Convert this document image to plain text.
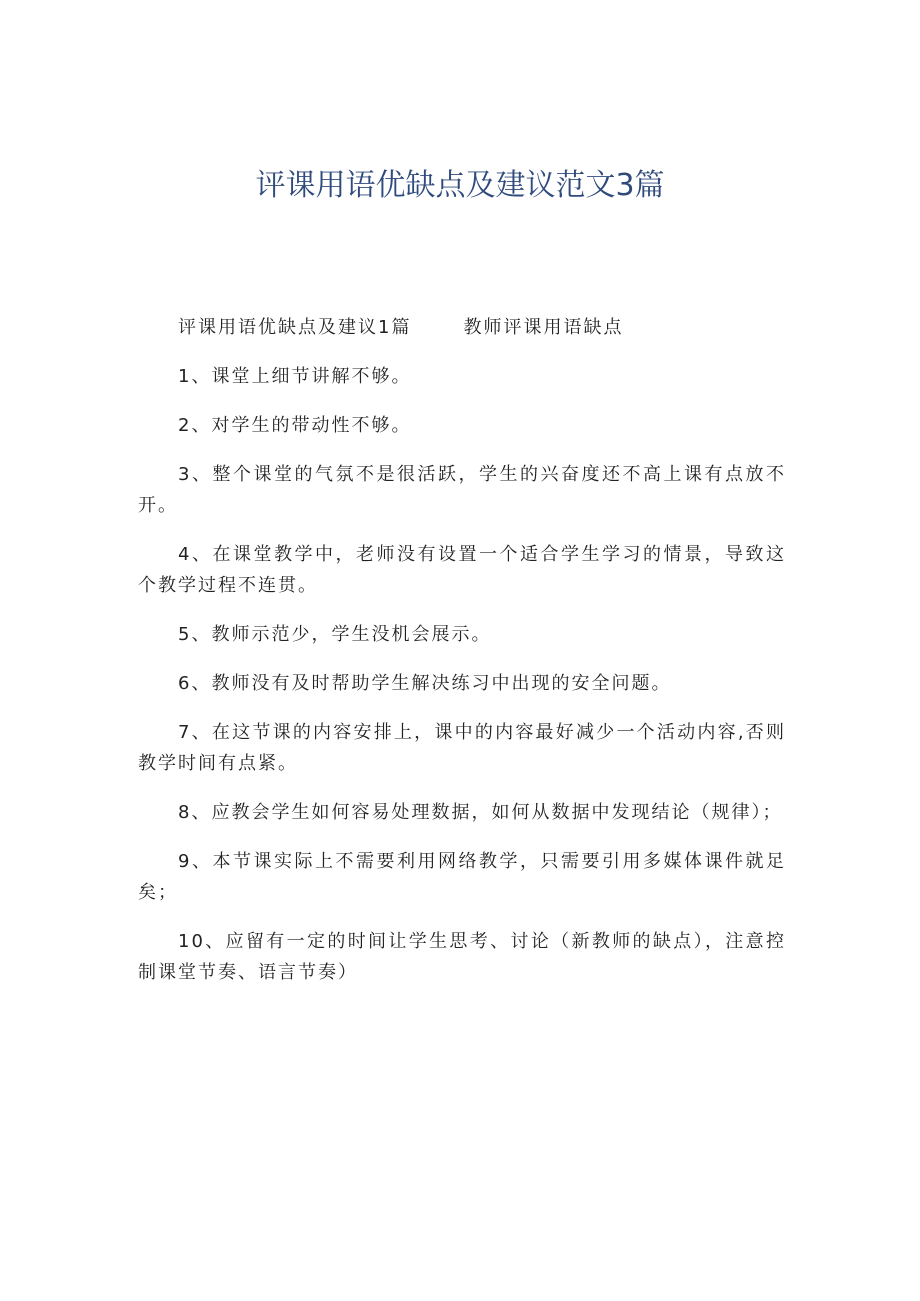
评课用语优缺点及建议范文3篇

评课用语优缺点及建议1篇	教师评课用语缺点

1、课堂上细节讲解不够。

2、对学生的带动性不够。

3、整个课堂的气氛不是很活跃，学生的兴奋度还不高上课有点放不开。

4、在课堂教学中，老师没有设置一个适合学生学习的情景，导致这个教学过程不连贯。

5、教师示范少，学生没机会展示。

6、教师没有及时帮助学生解决练习中出现的安全问题。

7、在这节课的内容安排上，课中的内容最好减少一个活动内容,否则教学时间有点紧。

8、应教会学生如何容易处理数据，如何从数据中发现结论（规律）；

9、本节课实际上不需要利用网络教学，只需要引用多媒体课件就足矣；

10、应留有一定的时间让学生思考、讨论（新教师的缺点），注意控制课堂节奏、语言节奏）
